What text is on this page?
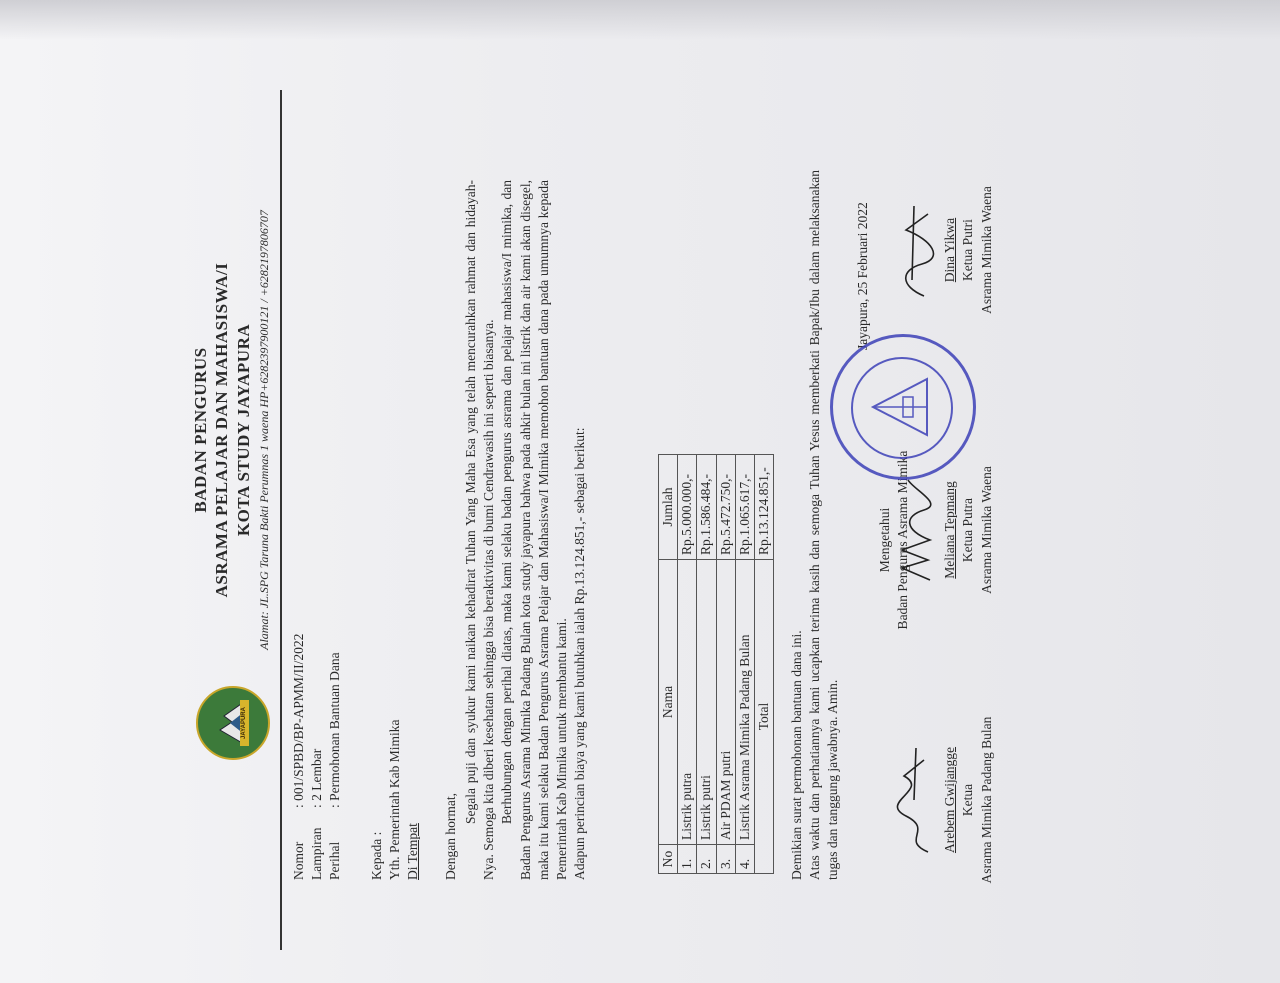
JAYAPURA
BADAN PENGURUS ASRAMA PELAJAR DAN MAHASISWA/I KOTA STUDY JAYAPURA Alamat: JL.SPG Taruna Bakti Perumnas 1 waena HP+6282397900121 / +6282197806707
Nomor
: 001/SPBD/BP-APMM/II/2022
Lampiran
: 2 Lembar
Perihal
: Permohonan Bantuan Dana
Kepada : Yth. Pemerintah Kab Mimika Di Tempat Dengan hormat,

Segala puji dan syukur kami naikan kehadirat Tuhan Yang Maha Esa yang telah mencurahkan rahmat dan hidayah-Nya. Semoga kita diberi kesehatan sehingga bisa beraktivitas di bumi Cendrawasih ini seperti biasanya. Berhubungan dengan perihal diatas, maka kami selaku badan pengurus asrama dan pelajar mahasiswa/I mimika, dan Badan Pengurus Asrama Mimika Padang Bulan kota study jayapura bahwa pada ahkir bulan ini listrik dan air kami akan disegel, maka itu kami selaku Badan Pengurus Asrama Pelajar dan Mahasiswa/I Mimika memohon bantuan dana pada umumnya kepada Pemerintah Kab Mimika untuk membantu kami. Adapun perincian biaya yang kami butuhkan ialah Rp.13.124.851,- sebagai berikut:	No	Nama	Jumlah
1.	Listrik putra	Rp.5.000.000,-
2.	Listrik putri	Rp.1.586.484,-
3.	Air PDAM putri	Rp.5.472.750,-
4.	Listrik Asrama Mimika Padang Bulan	Rp.1.065.617,-
Total		Rp.13.124.851,-

Demikian surat permohonan bantuan dana ini. Atas waktu dan perhatiannya kami ucapkan terima kasih dan semoga Tuhan Yesus memberkati Bapak/Ibu dalam melaksanakan tugas dan tanggung jawabnya. Amin.

Jayapura, 25 Februari 2022
Mengetahui Badan Pengurus Asrama Mimika
Arebem Gwijangge Ketua Asrama Mimika Padang Bulan
Meliana Tepmang Ketua Putra Asrama Mimika Waena
Dina Yikwa Ketua Putri Asrama Mimika Waena
